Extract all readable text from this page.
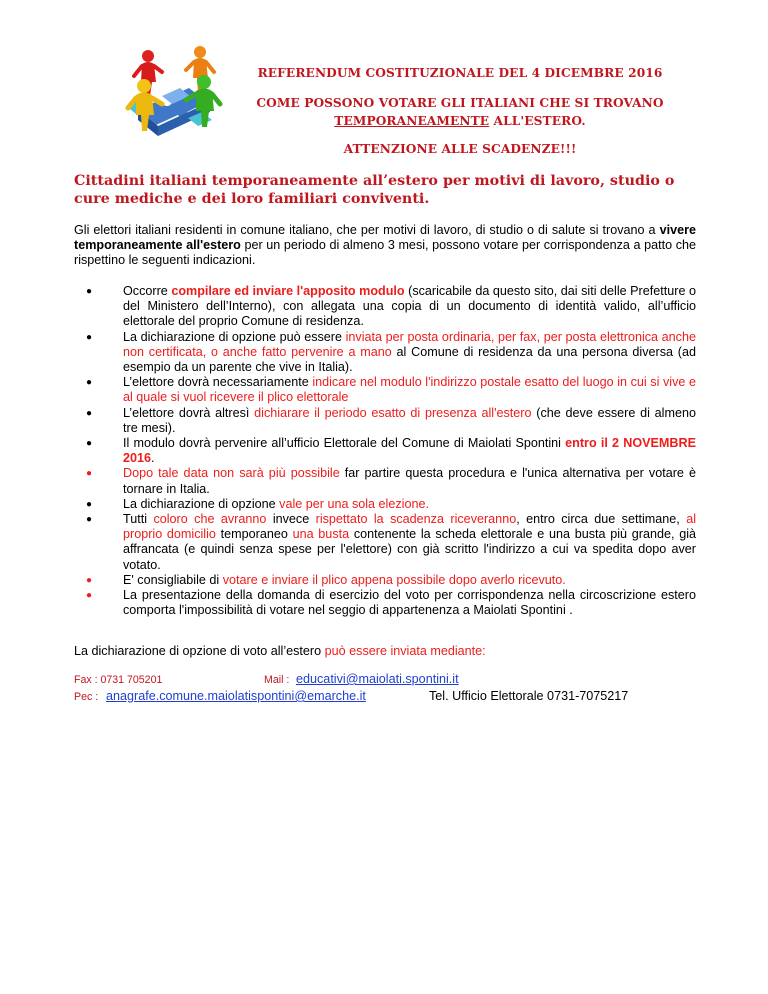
REFERENDUM COSTITUZIONALE DEL 4 DICEMBRE 2016
COME POSSONO VOTARE GLI ITALIANI CHE SI TROVANO
TEMPORANEAMENTE ALL'ESTERO.
ATTENZIONE ALLE SCADENZE!!!
Cittadini italiani temporaneamente all’estero per motivi di lavoro, studio o cure mediche e dei loro familiari conviventi.
Gli elettori italiani residenti in comune italiano, che per motivi di lavoro, di studio o di salute si trovano a vivere temporaneamente all'estero per un periodo di almeno 3 mesi, possono votare per corrispondenza a patto che rispettino le seguenti indicazioni.
● Occorre compilare ed inviare l'apposito modulo (scaricabile da questo sito, dai siti delle Prefetture o del Ministero dell’Interno), con allegata una copia di un documento di identità valido, all’ufficio elettorale del proprio Comune di residenza.
● La dichiarazione di opzione può essere inviata per posta ordinaria, per fax, per posta elettronica anche non certificata, o anche fatto pervenire a mano al Comune di residenza da una persona diversa (ad esempio da un parente che vive in Italia).
● L’elettore dovrà necessariamente indicare nel modulo l'indirizzo postale esatto del luogo in cui si vive e al quale si vuol ricevere il plico elettorale
● L’elettore dovrà altresì dichiarare il periodo esatto di presenza all'estero (che deve essere di almeno tre mesi).
● Il modulo dovrà pervenire all’ufficio Elettorale del Comune di Maiolati Spontini entro il 2 NOVEMBRE 2016.
● Dopo tale data non sarà più possibile far partire questa procedura e l'unica alternativa per votare è tornare in Italia.
● La dichiarazione di opzione vale per una sola elezione.
● Tutti coloro che avranno invece rispettato la scadenza riceveranno, entro circa due settimane, al proprio domicilio temporaneo una busta contenente la scheda elettorale e una busta più grande, già affrancata (e quindi senza spese per l'elettore) con già scritto l'indirizzo a cui va spedita dopo aver votato.
● E' consigliabile di votare e inviare il plico appena possibile dopo averlo ricevuto.
● La presentazione della domanda di esercizio del voto per corrispondenza nella circoscrizione estero comporta l'impossibilità di votare nel seggio di appartenenza a Maiolati Spontini .
La dichiarazione di opzione di voto all’estero può essere inviata mediante:
Fax : 0731 705201	Mail : educativi@maiolati.spontini.it
Pec : anagrafe.comune.maiolatispontini@emarche.it	Tel. Ufficio Elettorale 0731-7075217
